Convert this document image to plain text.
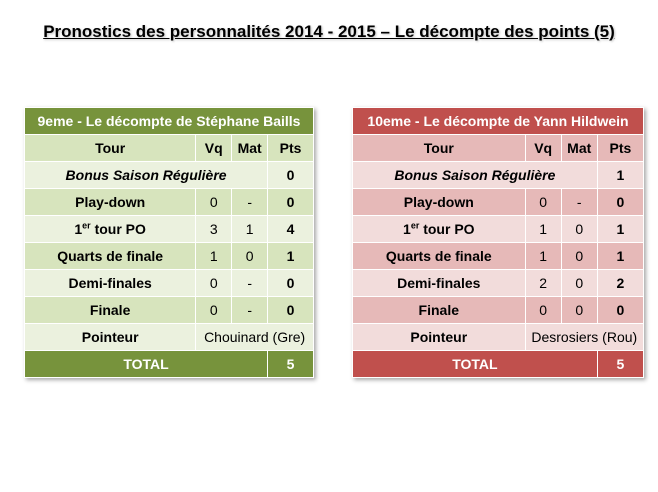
Pronostics des personnalités 2014 - 2015 – Le décompte des points (5)
9eme - Le décompte de Stéphane Baills			
Tour	Vq	Mat	Pts
Bonus Saison Régulière			0
Play-down	0	-	0
1er tour PO	3	1	4
Quarts de finale	1	0	1
Demi-finales	0	-	0
Finale	0	-	0
Pointeur	Chouinard (Gre)		
TOTAL			5
10eme - Le décompte de Yann Hildwein			
Tour	Vq	Mat	Pts
Bonus Saison Régulière			1
Play-down	0	-	0
1er tour PO	1	0	1
Quarts de finale	1	0	1
Demi-finales	2	0	2
Finale	0	0	0
Pointeur	Desrosiers (Rou)		
TOTAL			5
